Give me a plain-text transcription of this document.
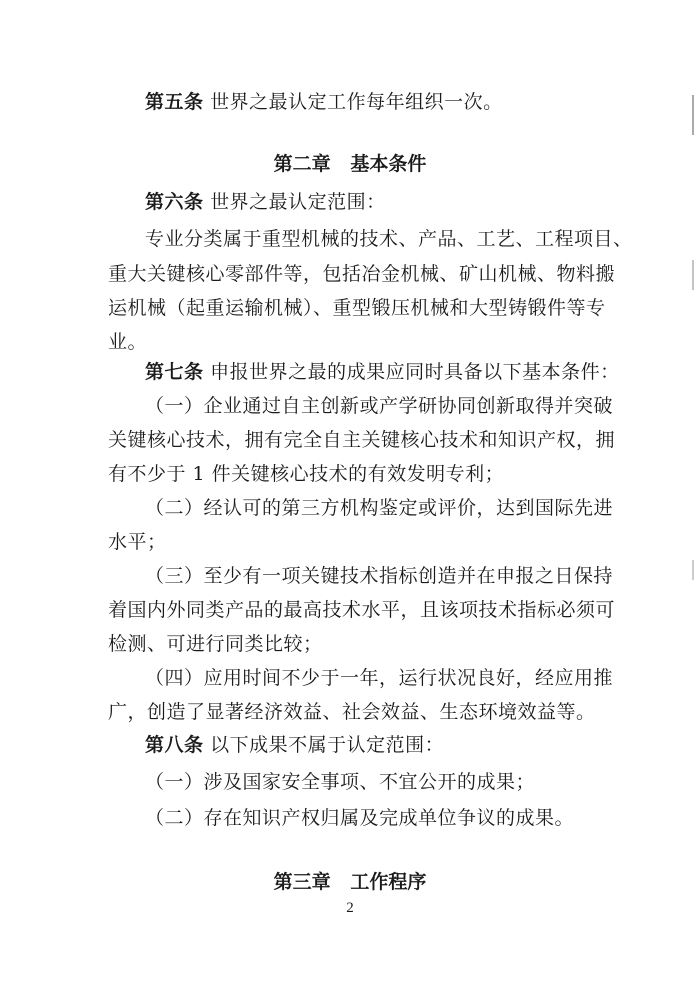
第五条 世界之最认定工作每年组织一次。
第二章   基本条件
第六条 世界之最认定范围：
专业分类属于重型机械的技术、产品、工艺、工程项目、
重大关键核心零部件等，包括冶金机械、矿山机械、物料搬
运机械（起重运输机械）、重型锻压机械和大型铸锻件等专
业。
第七条 申报世界之最的成果应同时具备以下基本条件：
（一）企业通过自主创新或产学研协同创新取得并突破
关键核心技术，拥有完全自主关键核心技术和知识产权，拥
有不少于 1 件关键核心技术的有效发明专利；
（二）经认可的第三方机构鉴定或评价，达到国际先进
水平；
（三）至少有一项关键技术指标创造并在申报之日保持
着国内外同类产品的最高技术水平，且该项技术指标必须可
检测、可进行同类比较；
（四）应用时间不少于一年，运行状况良好，经应用推
广，创造了显著经济效益、社会效益、生态环境效益等。
第八条 以下成果不属于认定范围：
（一）涉及国家安全事项、不宜公开的成果；
（二）存在知识产权归属及完成单位争议的成果。
第三章   工作程序
2
